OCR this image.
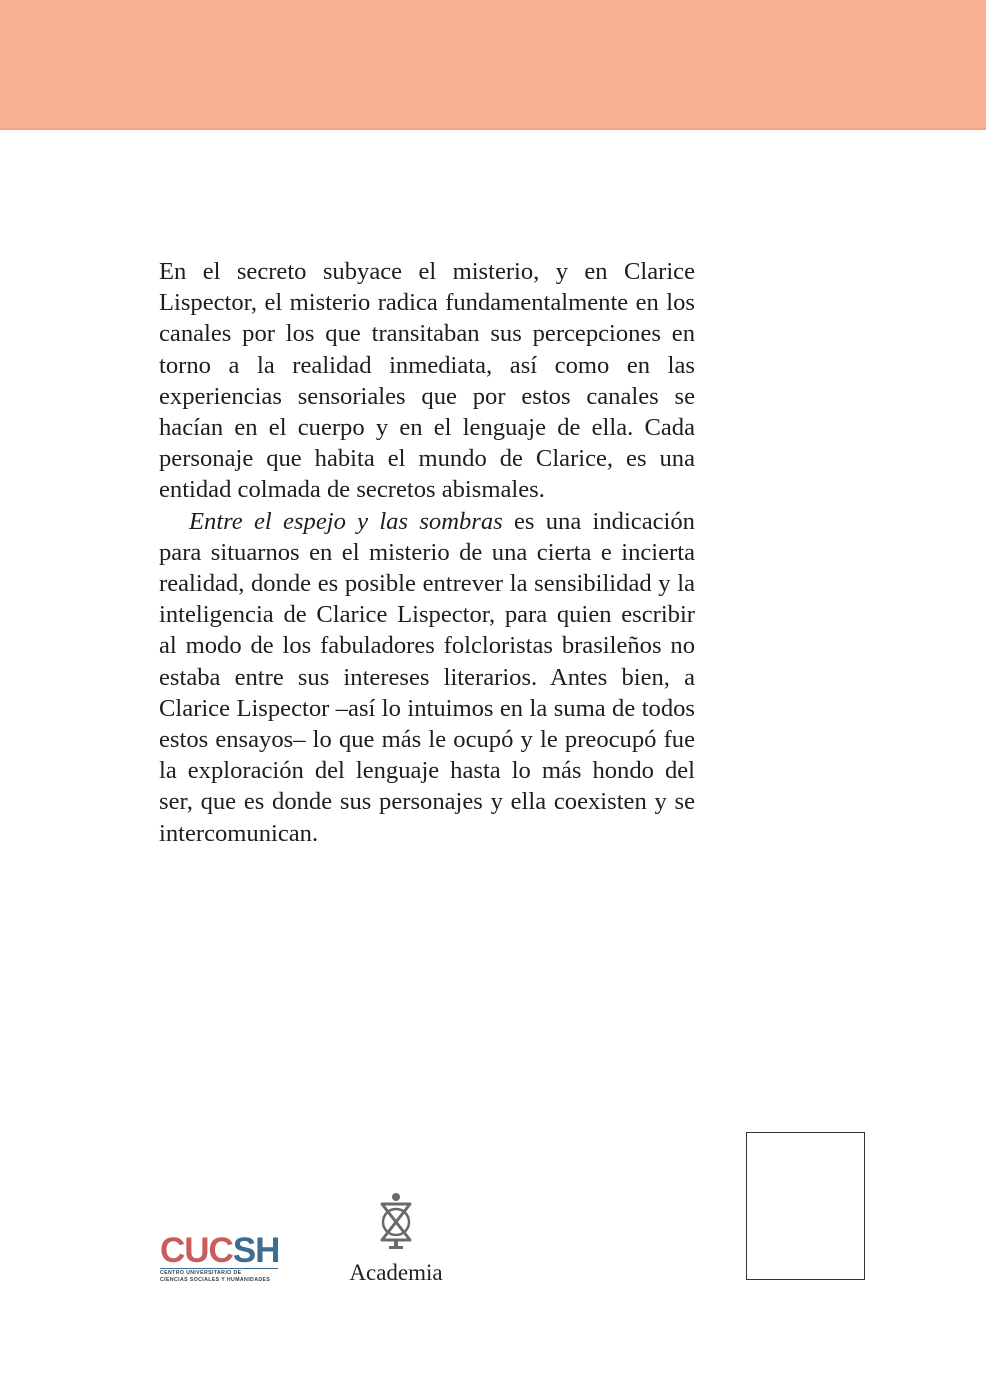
En el secreto subyace el misterio, y en Clarice Lispector, el misterio radica fundamentalmente en los canales por los que transitaban sus percepciones en torno a la realidad inmediata, así como en las experiencias sensoriales que por estos canales se hacían en el cuerpo y en el lenguaje de ella. Cada personaje que habita el mundo de Clarice, es una entidad colmada de secretos abismales.

Entre el espejo y las sombras es una indicación para situarnos en el misterio de una cierta e incierta realidad, donde es posible entrever la sensibilidad y la inteligencia de Clarice Lispector, para quien escribir al modo de los fabuladores folcloristas brasileños no estaba entre sus intereses literarios. Antes bien, a Clarice Lispector –así lo intuimos en la suma de todos estos ensayos– lo que más le ocupó y le preocupó fue la exploración del lenguaje hasta lo más hondo del ser, que es donde sus personajes y ella coexisten y se intercomunican.

CUCSH
CENTRO UNIVERSITARIO DE
CIENCIAS SOCIALES Y HUMANIDADES	Academia
